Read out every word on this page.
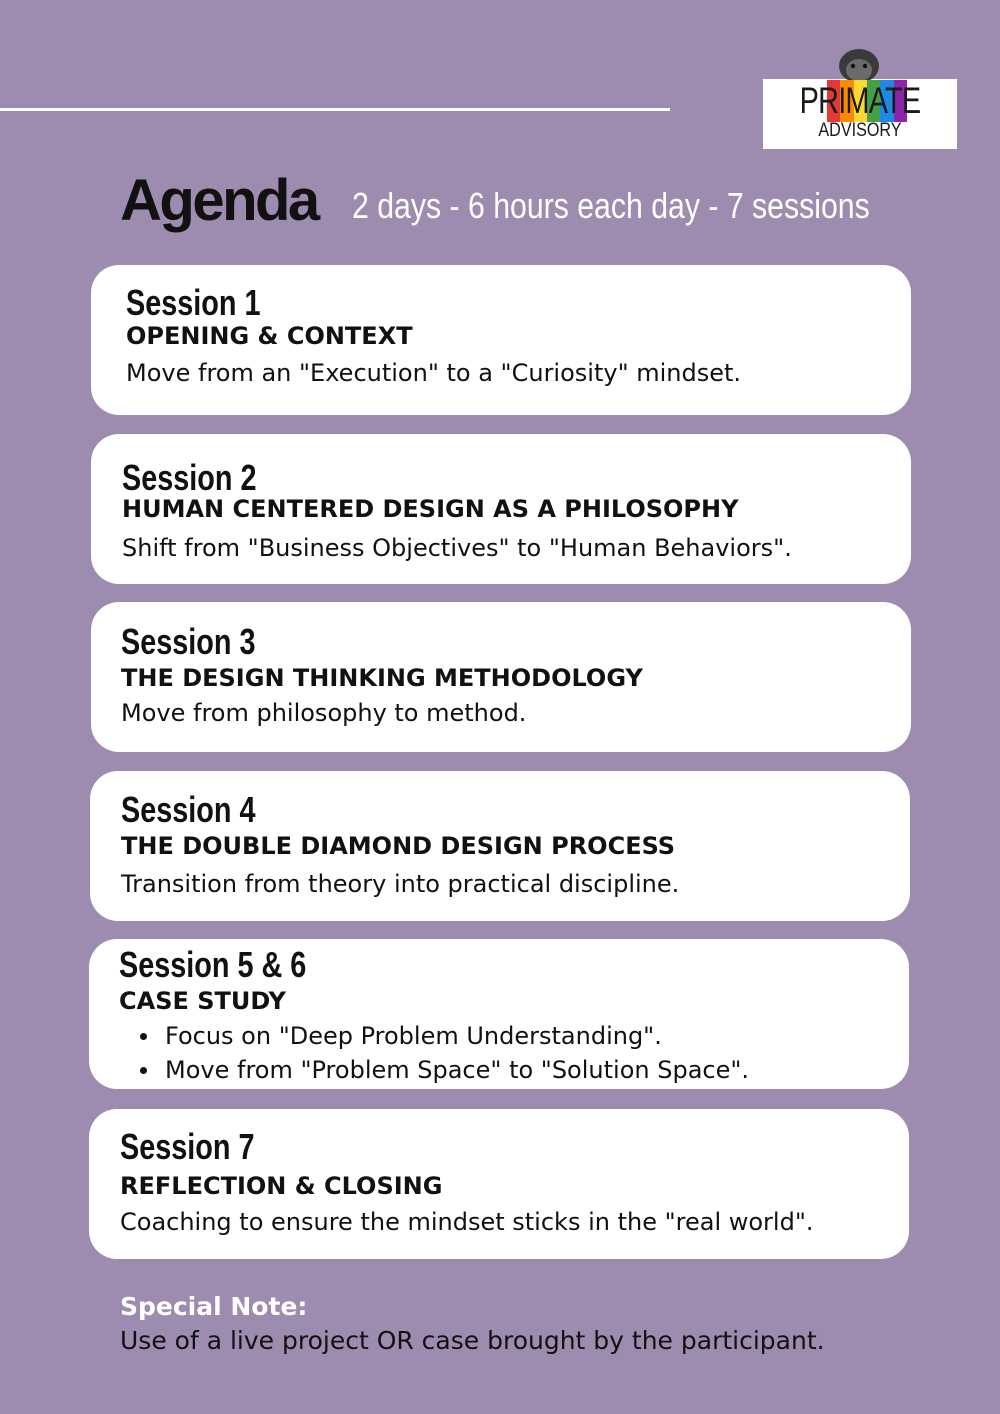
PRIMATE
ADVISORY
Agenda 2 days - 6 hours each day - 7 sessions
Session 1
OPENING & CONTEXT
Move from an "Execution" to a "Curiosity" mindset.
Session 2
HUMAN CENTERED DESIGN AS A PHILOSOPHY
Shift from "Business Objectives" to "Human Behaviors".
Session 3
THE DESIGN THINKING METHODOLOGY
Move from philosophy to method.
Session 4
THE DOUBLE DIAMOND DESIGN PROCESS
Transition from theory into practical discipline.
Session 5 & 6
CASE STUDY
Focus on "Deep Problem Understanding".
Move from "Problem Space" to "Solution Space".
Session 7
REFLECTION & CLOSING
Coaching to ensure the mindset sticks in the "real world".
Special Note:
Use of a live project OR case brought by the participant.
